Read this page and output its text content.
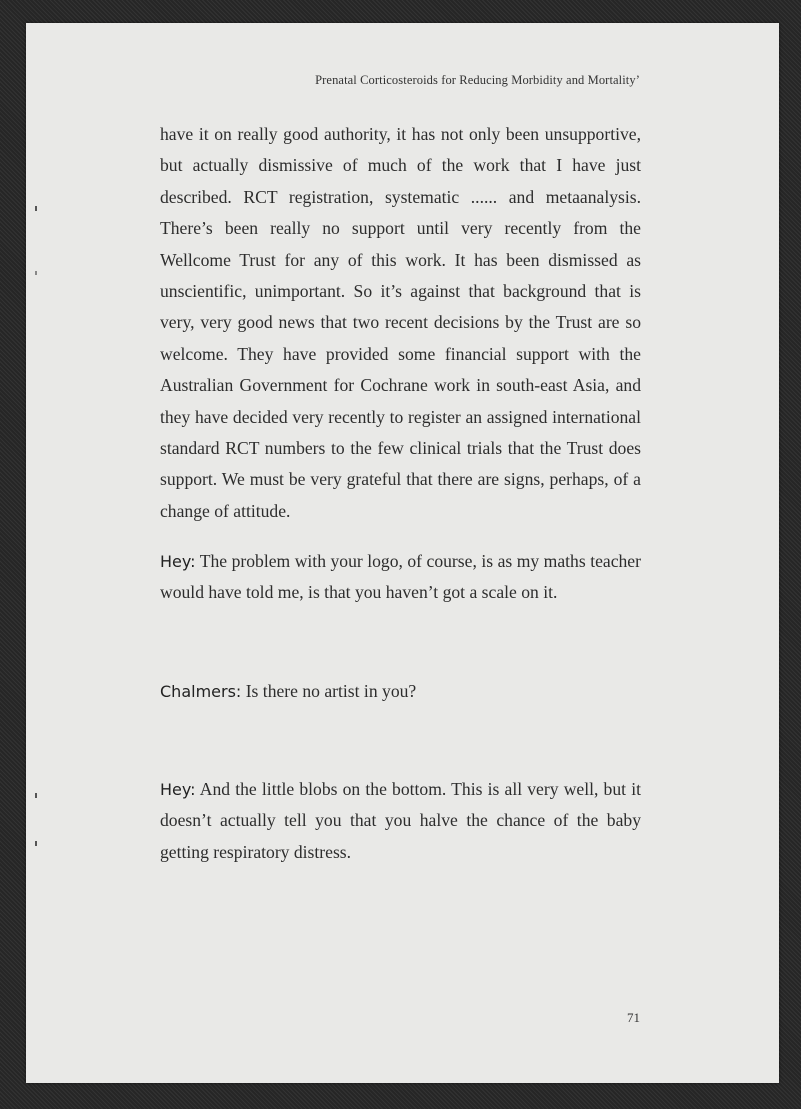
Prenatal Corticosteroids for Reducing Morbidity and Mortality’

have it on really good authority, it has not only been unsupportive, but actually dismissive of much of the work that I have just described. RCT registration, systematic ...... and metaanalysis. There’s been really no support until very recently from the Wellcome Trust for any of this work. It has been dismissed as unscientific, unimportant. So it’s against that background that is very, very good news that two recent decisions by the Trust are so welcome. They have provided some financial support with the Australian Government for Cochrane work in south-east Asia, and they have decided very recently to register an assigned international standard RCT numbers to the few clinical trials that the Trust does support. We must be very grateful that there are signs, perhaps, of a change of attitude.

Hey: The problem with your logo, of course, is as my maths teacher would have told me, is that you haven’t got a scale on it.

Chalmers: Is there no artist in you?

Hey: And the little blobs on the bottom. This is all very well, but it doesn’t actually tell you that you halve the chance of the baby getting respiratory distress.

71
